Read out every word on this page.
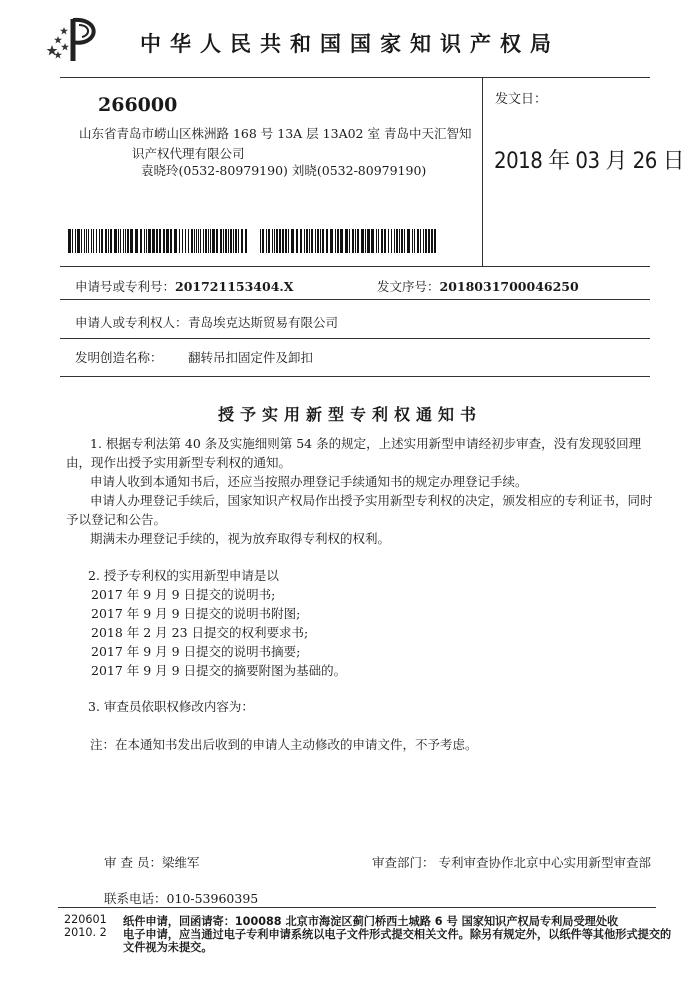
中华人民共和国国家知识产权局
266000
山东省青岛市崂山区株洲路 168 号 13A 层 13A02 室 青岛中天汇智知
识产权代理有限公司
袁晓玲(0532-80979190) 刘晓(0532-80979190)
发文日：
2018 年 03 月 26 日
申请号或专利号：201721153404.X	发文序号：2018031700046250
申请人或专利权人：青岛埃克达斯贸易有限公司
发明创造名称： 翻转吊扣固定件及卸扣
授予实用新型专利权通知书
1. 根据专利法第 40 条及实施细则第 54 条的规定，上述实用新型申请经初步审查，没有发现驳回理由，现作出授予实用新型专利权的通知。
申请人收到本通知书后，还应当按照办理登记手续通知书的规定办理登记手续。
申请人办理登记手续后，国家知识产权局作出授予实用新型专利权的决定，颁发相应的专利证书，同时予以登记和公告。
期满未办理登记手续的，视为放弃取得专利权的权利。
2. 授予专利权的实用新型申请是以
2017 年 9 月 9 日提交的说明书;
2017 年 9 月 9 日提交的说明书附图;
2018 年 2 月 23 日提交的权利要求书;
2017 年 9 月 9 日提交的说明书摘要;
2017 年 9 月 9 日提交的摘要附图为基础的。
3. 审查员依职权修改内容为：
注：在本通知书发出后收到的申请人主动修改的申请文件，不予考虑。
审 查 员：梁维军	审查部门： 专利审查协作北京中心实用新型审查部
联系电话：010-53960395
220601
2010. 2
纸件申请，回函请寄：100088 北京市海淀区蓟门桥西土城路 6 号 国家知识产权局专利局受理处收
电子申请，应当通过电子专利申请系统以电子文件形式提交相关文件。除另有规定外，以纸件等其他形式提交的
文件视为未提交。
